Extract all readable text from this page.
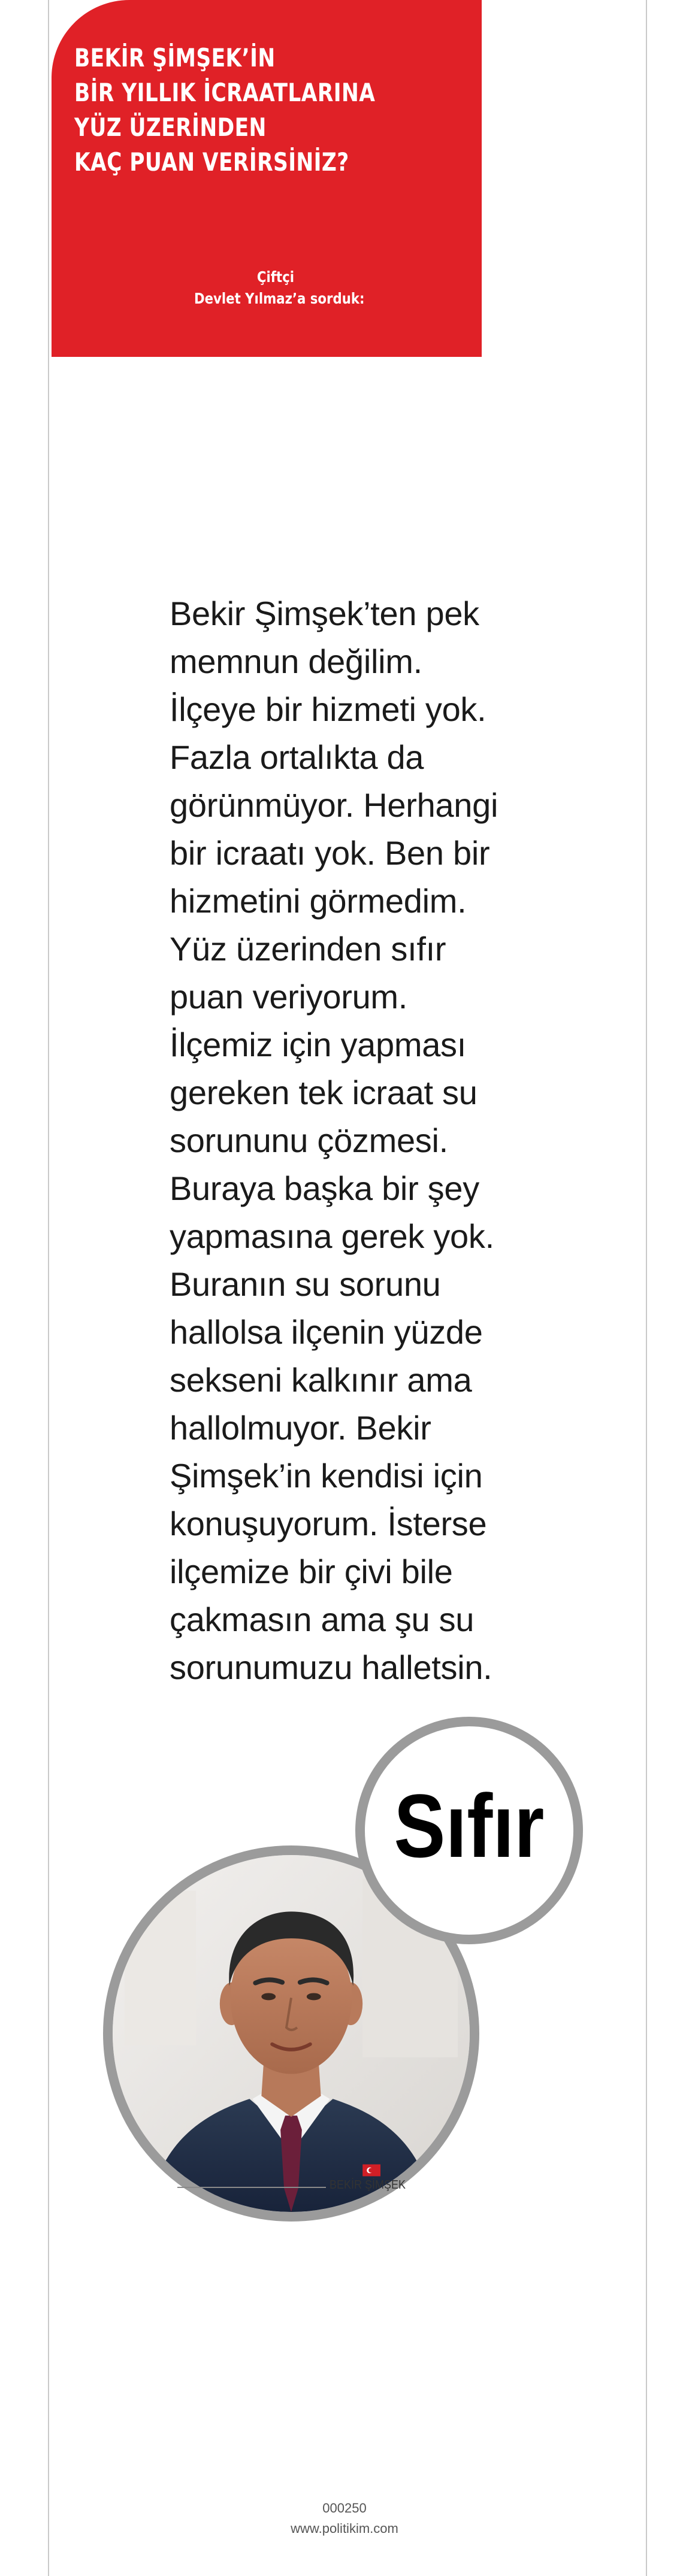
BEKİR ŞİMŞEK’İN
BİR YILLIK İCRAATLARINA
YÜZ ÜZERİNDEN
KAÇ PUAN VERİRSİNİZ?
Çiftçi
Devlet Yılmaz’a sorduk:
Bekir Şimşek’ten pek
memnun değilim.
İlçeye bir hizmeti yok.
Fazla ortalıkta da
görünmüyor. Herhangi
bir icraatı yok. Ben bir
hizmetini görmedim.
Yüz üzerinden sıfır
puan veriyorum.
İlçemiz için yapması
gereken tek icraat su
sorununu çözmesi.
Buraya başka bir şey
yapmasına gerek yok.
Buranın su sorunu
hallolsa ilçenin yüzde
sekseni kalkınır ama
hallolmuyor. Bekir
Şimşek’in kendisi için
konuşuyorum. İsterse
ilçemize bir çivi bile
çakmasın ama şu su
sorunumuzu halletsin.
Sıfır
BEKİR ŞİMŞEK
000250
www.politikim.com
